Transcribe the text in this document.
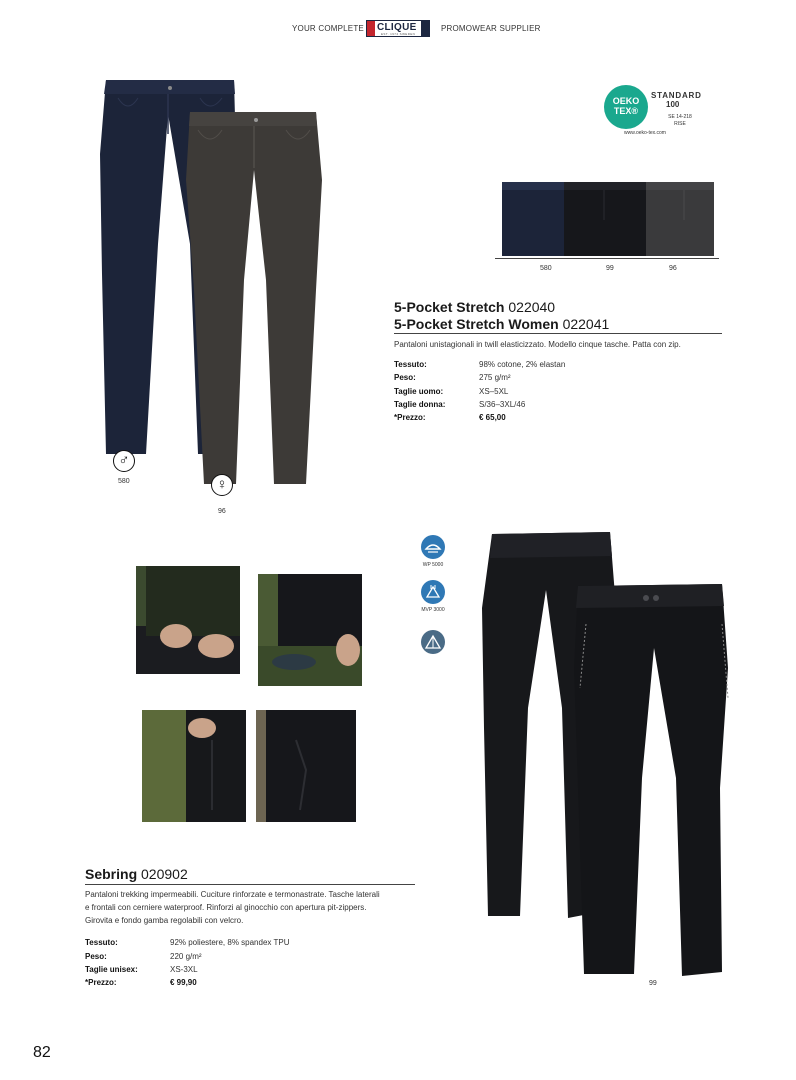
YOUR COMPLETE CLIQUE
EST. 1974 SWEDEN
PROMOWEAR SUPPLIER
♂
580	♀
96
OEKO
TEX®
STANDARD
100
SE 14-218
RISE
www.oeko-tex.com
580	99	96
5-Pocket Stretch 022040
5-Pocket Stretch Women 022041
Pantaloni unistagionali in twill elasticizzato. Modello cinque tasche. Patta con zip.
Tessuto:	98% cotone, 2% elastan
Peso:	275 g/m²
Taglie uomo:	XS–5XL
Taglie donna:	S/36–3XL/46
*Prezzo:	€ 65,00
WP 5000
MVP 3000
99
Sebring 020902
Pantaloni trekking impermeabili. Cuciture rinforzate e termonastrate. Tasche laterali
e frontali con cerniere waterproof. Rinforzi al ginocchio con apertura pit-zippers.
Girovita e fondo gamba regolabili con velcro.
Tessuto:	92% poliestere, 8% spandex TPU
Peso:	220 g/m²
Taglie unisex:	XS-3XL
*Prezzo:	€ 99,90
82
